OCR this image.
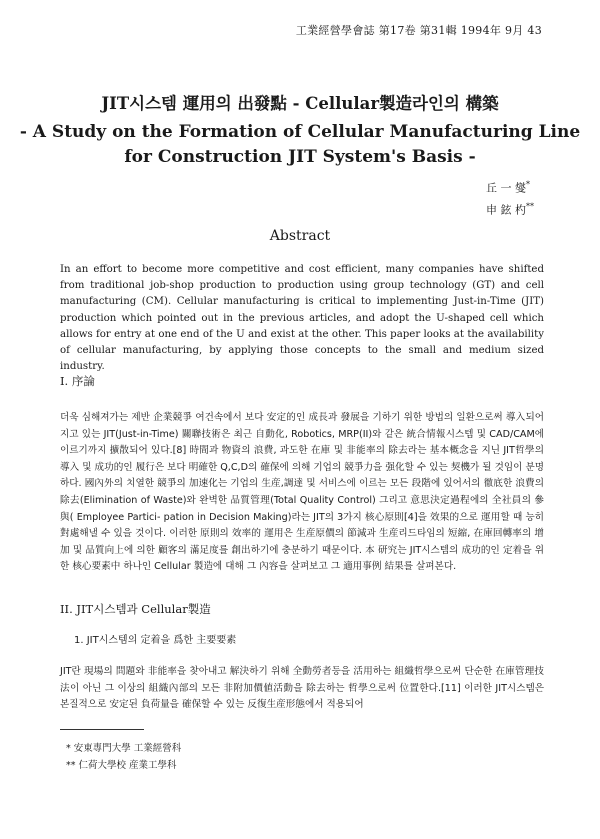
工業經營學會誌 第17卷 第31輯 1994年 9月 43
JIT시스템 運用의 出發點 - Cellular製造라인의 構築
- A Study on the Formation of Cellular Manufacturing Line
for Construction JIT System's Basis -
丘 一 燮*
申 鉉 杓**
Abstract
In an effort to become more competitive and cost efficient, many companies have shifted from traditional job-shop production to production using group technology (GT) and cell manufacturing (CM). Cellular manufacturing is critical to implementing Just-in-Time (JIT) production which pointed out in the previous articles, and adopt the U-shaped cell which allows for entry at one end of the U and exist at the other. This paper looks at the availability of cellular manufacturing, by applying those concepts to the small and medium sized industry.
I. 序論
더욱 심해져가는 제반 企業競爭 여건속에서 보다 安定的인 成長과 發展을 기하기 위한 방법의 일환으로써 導入되어지고 있는 JIT(Just-in-Time) 關聯技術은 최근 自動化, Robotics, MRP(II)와 같은 統合情報시스템 및 CAD/CAM에 이르기까지 擴散되어 있다.[8] 時間과 物資의 浪費, 과도한 在庫 및 非能率의 除去라는 基本概念을 지닌 JIT哲學의 導入 및 成功的인 履行은 보다 明確한 Q,C,D의 確保에 의해 기업의 競爭力을 强化할 수 있는 契機가 될 것임이 분명하다. 國內外의 치열한 競爭의 加速化는 기업의 生産,調達 및 서비스에 이르는 모든 段階에 있어서의 徹底한 浪費의 除去(Elimination of Waste)와 완벽한 品質管理(Total Quality Control) 그리고 意思決定過程에의 全社員의 參與( Employee Partici- pation in Decision Making)라는 JIT의 3가지 核心原則[4]을 效果的으로 運用할 때 능히 對處해낼 수 있을 것이다. 이러한 原則의 效率的 運用은 生産原價의 節減과 生産리드타임의 短縮, 在庫回轉率의 增加 및 品質向上에 의한 顧客의 滿足度를 創出하기에 충분하기 때문이다. 本 研究는 JIT시스템의 成功的인 定着을 위한 核心要素中 하나인 Cellular 製造에 대해 그 內容을 살펴보고 그 適用事例 結果를 살펴본다.
II. JIT시스템과 Cellular製造
1. JIT시스템의 定着을 爲한 主要要素
JIT란 現場의 問題와 非能率을 찾아내고 解決하기 위해 全動勞者등을 活用하는 組織哲學으로써 단순한 在庫管理技法이 아닌 그 이상의 組織內部의 모든 非附加價値活動을 除去하는 哲學으로써 位置한다.[11] 이러한 JIT시스템은 본질적으로 安定된 負荷量을 確保할 수 있는 反復生産形態에서 적용되어
* 安東專門大學 工業經營科
** 仁荷大學校 産業工學科
